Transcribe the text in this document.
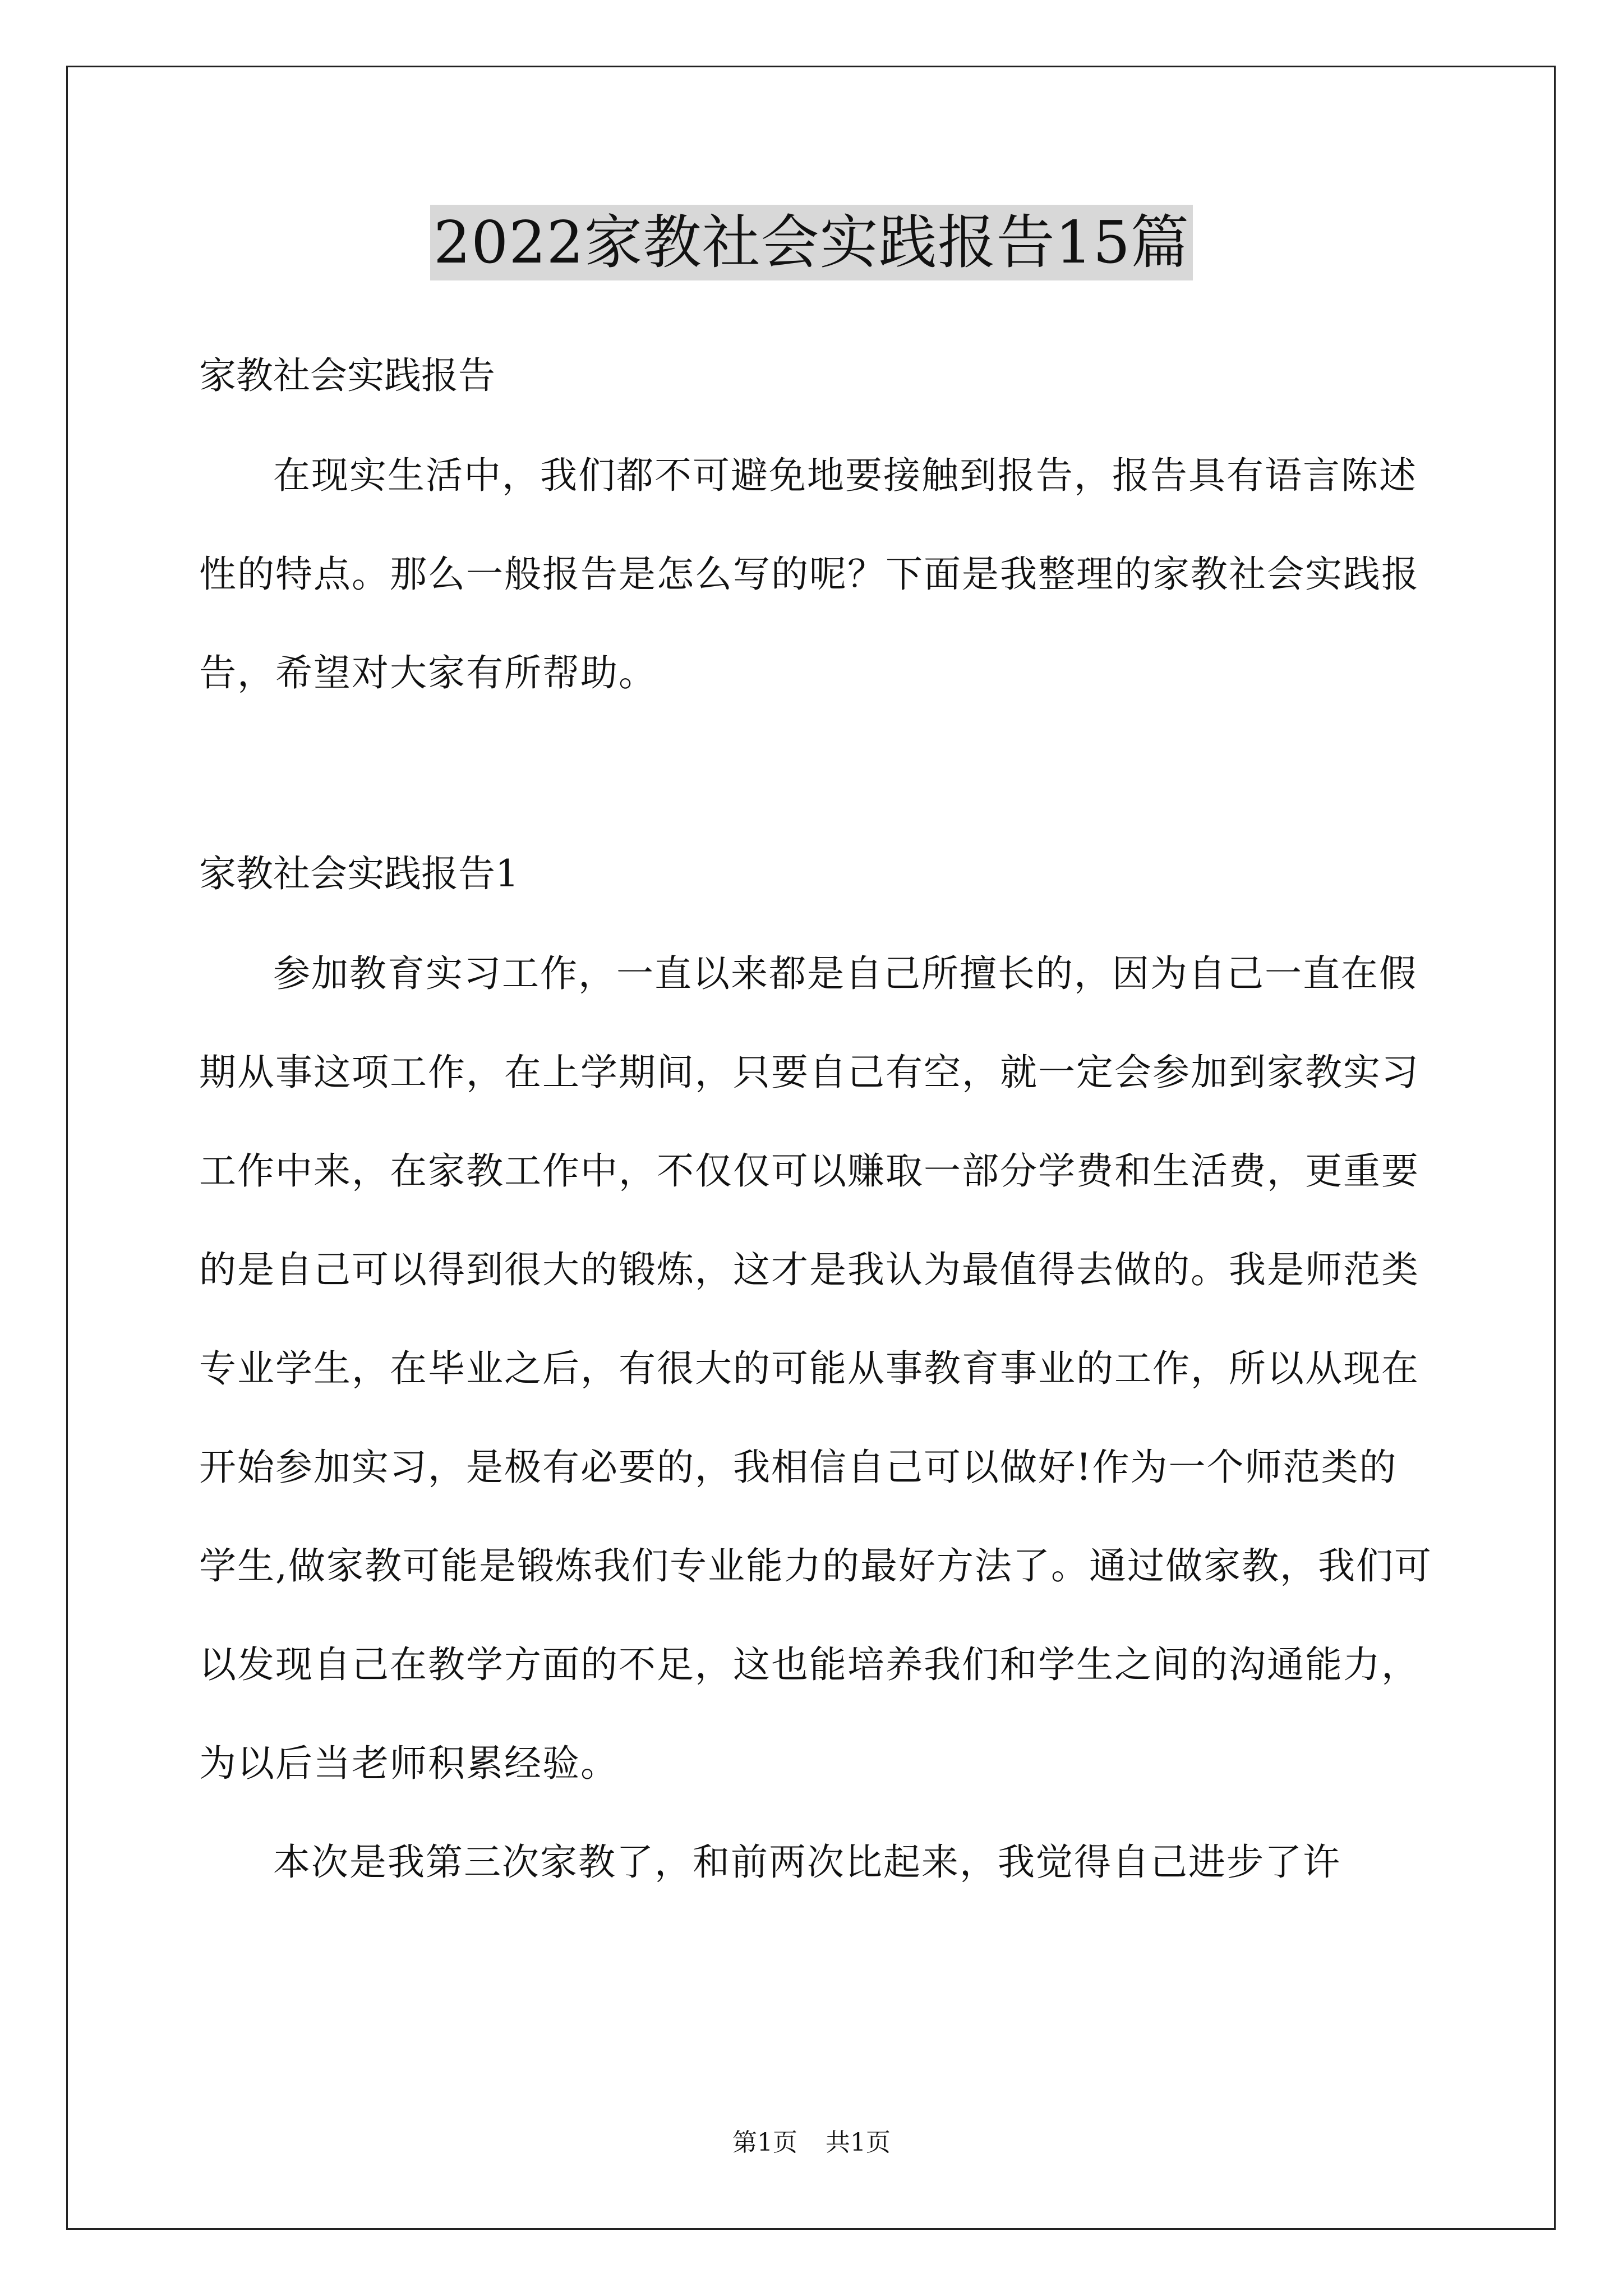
2022家教社会实践报告15篇

家教社会实践报告

在现实生活中，我们都不可避免地要接触到报告，报告具有语言陈述性的特点。那么一般报告是怎么写的呢？下面是我整理的家教社会实践报告，希望对大家有所帮助。

家教社会实践报告1

参加教育实习工作，一直以来都是自己所擅长的，因为自己一直在假期从事这项工作，在上学期间，只要自己有空，就一定会参加到家教实习工作中来，在家教工作中，不仅仅可以赚取一部分学费和生活费，更重要的是自己可以得到很大的锻炼，这才是我认为最值得去做的。我是师范类专业学生，在毕业之后，有很大的可能从事教育事业的工作，所以从现在开始参加实习，是极有必要的，我相信自己可以做好!作为一个师范类的学生,做家教可能是锻炼我们专业能力的最好方法了。通过做家教，我们可以发现自己在教学方面的不足，这也能培养我们和学生之间的沟通能力，为以后当老师积累经验。

本次是我第三次家教了，和前两次比起来，我觉得自己进步了许

第1页 共1页
